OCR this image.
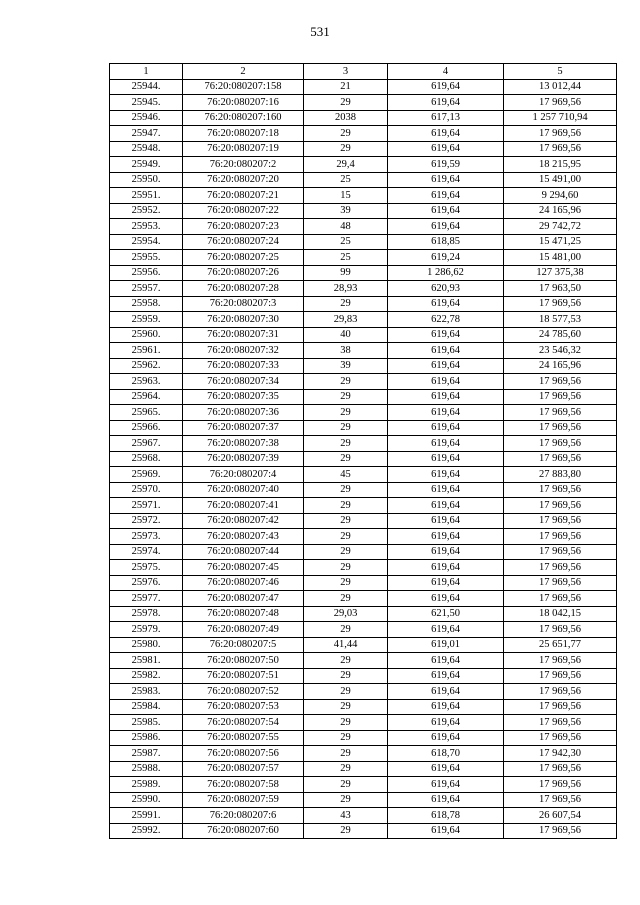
531
1	2	3	4	5
25944.	76:20:080207:158	21	619,64	13 012,44
25945.	76:20:080207:16	29	619,64	17 969,56
25946.	76:20:080207:160	2038	617,13	1 257 710,94
25947.	76:20:080207:18	29	619,64	17 969,56
25948.	76:20:080207:19	29	619,64	17 969,56
25949.	76:20:080207:2	29,4	619,59	18 215,95
25950.	76:20:080207:20	25	619,64	15 491,00
25951.	76:20:080207:21	15	619,64	9 294,60
25952.	76:20:080207:22	39	619,64	24 165,96
25953.	76:20:080207:23	48	619,64	29 742,72
25954.	76:20:080207:24	25	618,85	15 471,25
25955.	76:20:080207:25	25	619,24	15 481,00
25956.	76:20:080207:26	99	1 286,62	127 375,38
25957.	76:20:080207:28	28,93	620,93	17 963,50
25958.	76:20:080207:3	29	619,64	17 969,56
25959.	76:20:080207:30	29,83	622,78	18 577,53
25960.	76:20:080207:31	40	619,64	24 785,60
25961.	76:20:080207:32	38	619,64	23 546,32
25962.	76:20:080207:33	39	619,64	24 165,96
25963.	76:20:080207:34	29	619,64	17 969,56
25964.	76:20:080207:35	29	619,64	17 969,56
25965.	76:20:080207:36	29	619,64	17 969,56
25966.	76:20:080207:37	29	619,64	17 969,56
25967.	76:20:080207:38	29	619,64	17 969,56
25968.	76:20:080207:39	29	619,64	17 969,56
25969.	76:20:080207:4	45	619,64	27 883,80
25970.	76:20:080207:40	29	619,64	17 969,56
25971.	76:20:080207:41	29	619,64	17 969,56
25972.	76:20:080207:42	29	619,64	17 969,56
25973.	76:20:080207:43	29	619,64	17 969,56
25974.	76:20:080207:44	29	619,64	17 969,56
25975.	76:20:080207:45	29	619,64	17 969,56
25976.	76:20:080207:46	29	619,64	17 969,56
25977.	76:20:080207:47	29	619,64	17 969,56
25978.	76:20:080207:48	29,03	621,50	18 042,15
25979.	76:20:080207:49	29	619,64	17 969,56
25980.	76:20:080207:5	41,44	619,01	25 651,77
25981.	76:20:080207:50	29	619,64	17 969,56
25982.	76:20:080207:51	29	619,64	17 969,56
25983.	76:20:080207:52	29	619,64	17 969,56
25984.	76:20:080207:53	29	619,64	17 969,56
25985.	76:20:080207:54	29	619,64	17 969,56
25986.	76:20:080207:55	29	619,64	17 969,56
25987.	76:20:080207:56	29	618,70	17 942,30
25988.	76:20:080207:57	29	619,64	17 969,56
25989.	76:20:080207:58	29	619,64	17 969,56
25990.	76:20:080207:59	29	619,64	17 969,56
25991.	76:20:080207:6	43	618,78	26 607,54
25992.	76:20:080207:60	29	619,64	17 969,56
